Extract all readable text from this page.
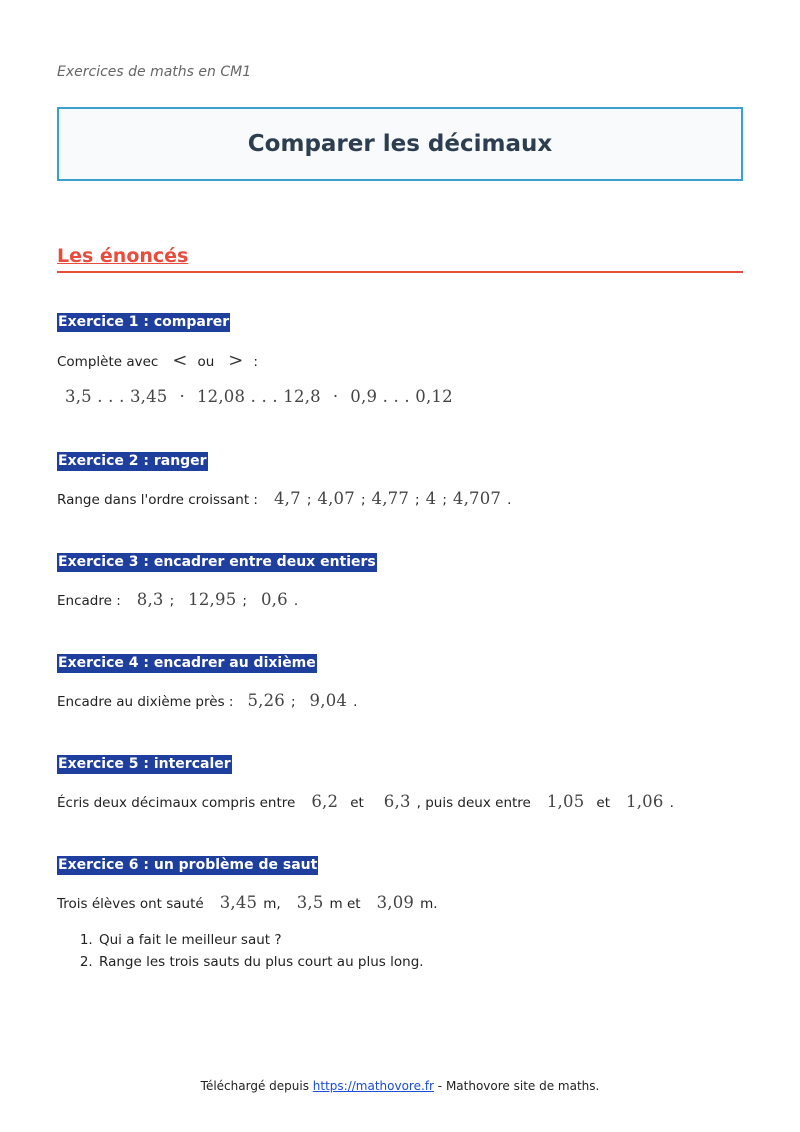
Exercices de maths en CM1
Comparer les décimaux
Les énoncés
Exercice 1 : comparer
Complète avec < ou > :
3,5 . . . 3,45 · 12,08 . . . 12,8 · 0,9 . . . 0,12
Exercice 2 : ranger
Range dans l'ordre croissant : 4,7 ; 4,07 ; 4,77 ; 4 ; 4,707 .
Exercice 3 : encadrer entre deux entiers
Encadre : 8,3 ; 12,95 ; 0,6 .
Exercice 4 : encadrer au dixième
Encadre au dixième près : 5,26 ; 9,04 .
Exercice 5 : intercaler
Écris deux décimaux compris entre 6,2 et 6,3 , puis deux entre 1,05 et 1,06 .
Exercice 6 : un problème de saut
Trois élèves ont sauté 3,45 m, 3,5 m et 3,09 m.
1. Qui a fait le meilleur saut ?
2. Range les trois sauts du plus court au plus long.
Téléchargé depuis https://mathovore.fr - Mathovore site de maths.
